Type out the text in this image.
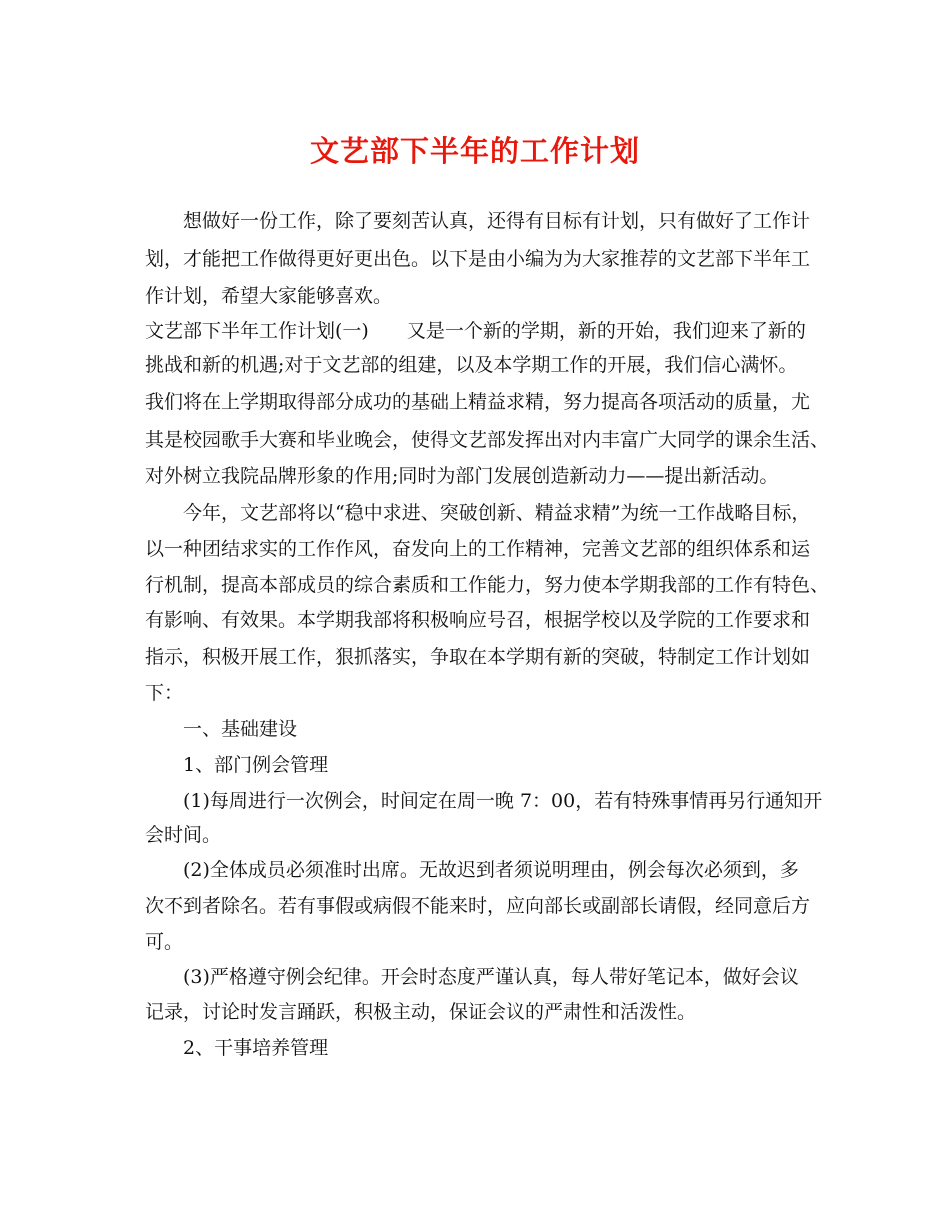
文艺部下半年的工作计划
想做好一份工作，除了要刻苦认真，还得有目标有计划，只有做好了工作计
划，才能把工作做得更好更出色。以下是由小编为为大家推荐的文艺部下半年工
作计划，希望大家能够喜欢。
文艺部下半年工作计划(一)　　又是一个新的学期，新的开始，我们迎来了新的
挑战和新的机遇;对于文艺部的组建，以及本学期工作的开展，我们信心满怀。
我们将在上学期取得部分成功的基础上精益求精，努力提高各项活动的质量，尤
其是校园歌手大赛和毕业晚会，使得文艺部发挥出对内丰富广大同学的课余生活、
对外树立我院品牌形象的作用;同时为部门发展创造新动力——提出新活动。
今年，文艺部将以“稳中求进、突破创新、精益求精”为统一工作战略目标，
以一种团结求实的工作作风，奋发向上的工作精神，完善文艺部的组织体系和运
行机制，提高本部成员的综合素质和工作能力，努力使本学期我部的工作有特色、
有影响、有效果。本学期我部将积极响应号召，根据学校以及学院的工作要求和
指示，积极开展工作，狠抓落实，争取在本学期有新的突破，特制定工作计划如
下：
一、基础建设
1、部门例会管理
(1)每周进行一次例会，时间定在周一晚 7：00，若有特殊事情再另行通知开
会时间。
(2)全体成员必须准时出席。无故迟到者须说明理由，例会每次必须到，多
次不到者除名。若有事假或病假不能来时，应向部长或副部长请假，经同意后方
可。
(3)严格遵守例会纪律。开会时态度严谨认真，每人带好笔记本，做好会议
记录，讨论时发言踊跃，积极主动，保证会议的严肃性和活泼性。
2、干事培养管理
